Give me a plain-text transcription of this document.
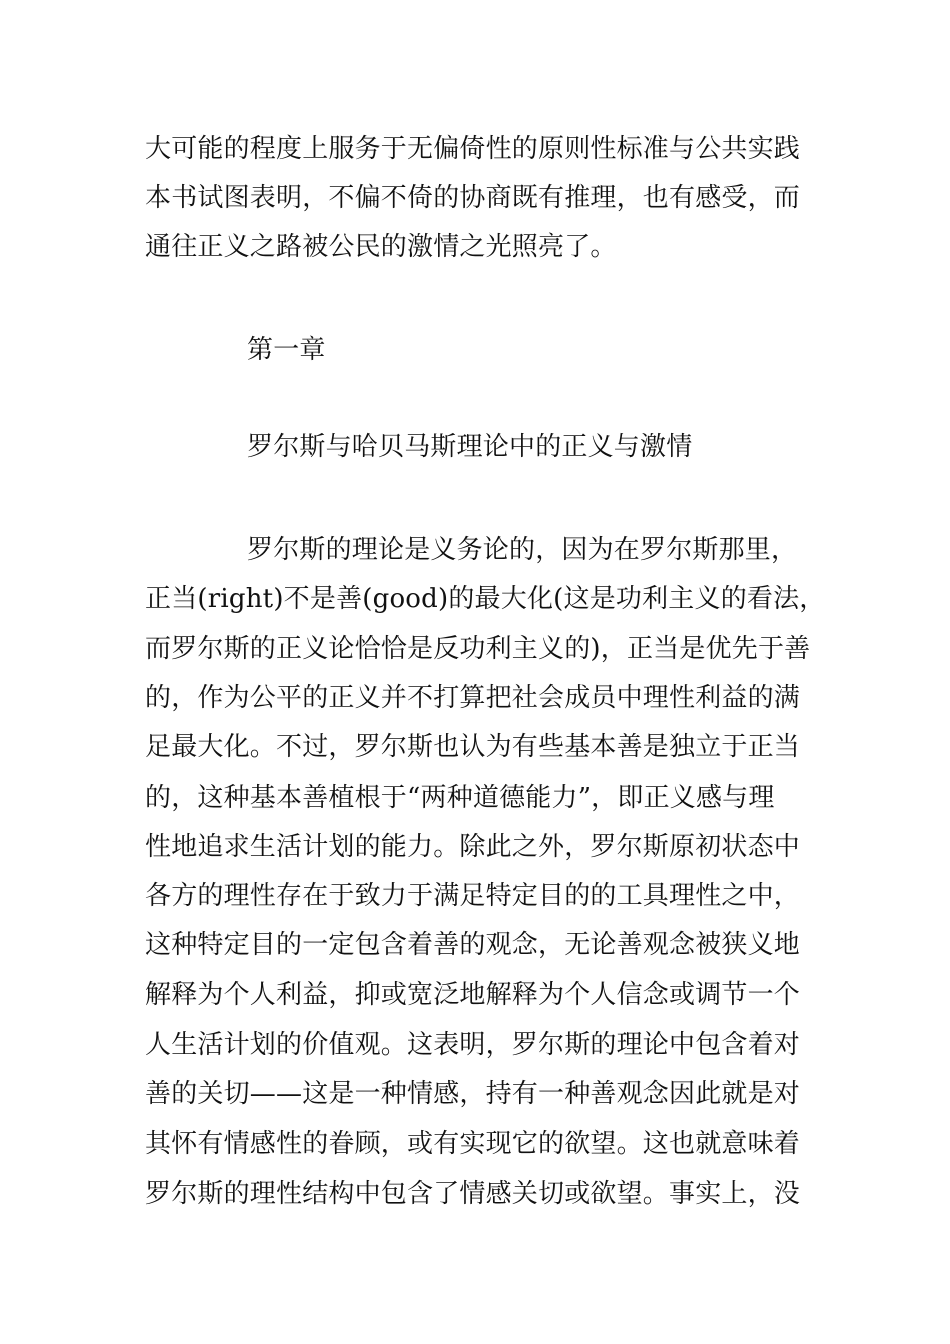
大可能的程度上服务于无偏倚性的原则性标准与公共实践
本书试图表明，不偏不倚的协商既有推理，也有感受，而
通往正义之路被公民的激情之光照亮了。
第一章
罗尔斯与哈贝马斯理论中的正义与激情
罗尔斯的理论是义务论的，因为在罗尔斯那里，
正当(right)不是善(good)的最大化(这是功利主义的看法，
而罗尔斯的正义论恰恰是反功利主义的)，正当是优先于善
的，作为公平的正义并不打算把社会成员中理性利益的满
足最大化。不过，罗尔斯也认为有些基本善是独立于正当
的，这种基本善植根于“两种道德能力”，即正义感与理
性地追求生活计划的能力。除此之外，罗尔斯原初状态中
各方的理性存在于致力于满足特定目的的工具理性之中，
这种特定目的一定包含着善的观念，无论善观念被狭义地
解释为个人利益，抑或宽泛地解释为个人信念或调节一个
人生活计划的价值观。这表明，罗尔斯的理论中包含着对
善的关切——这是一种情感，持有一种善观念因此就是对
其怀有情感性的眷顾，或有实现它的欲望。这也就意味着
罗尔斯的理性结构中包含了情感关切或欲望。事实上，没
